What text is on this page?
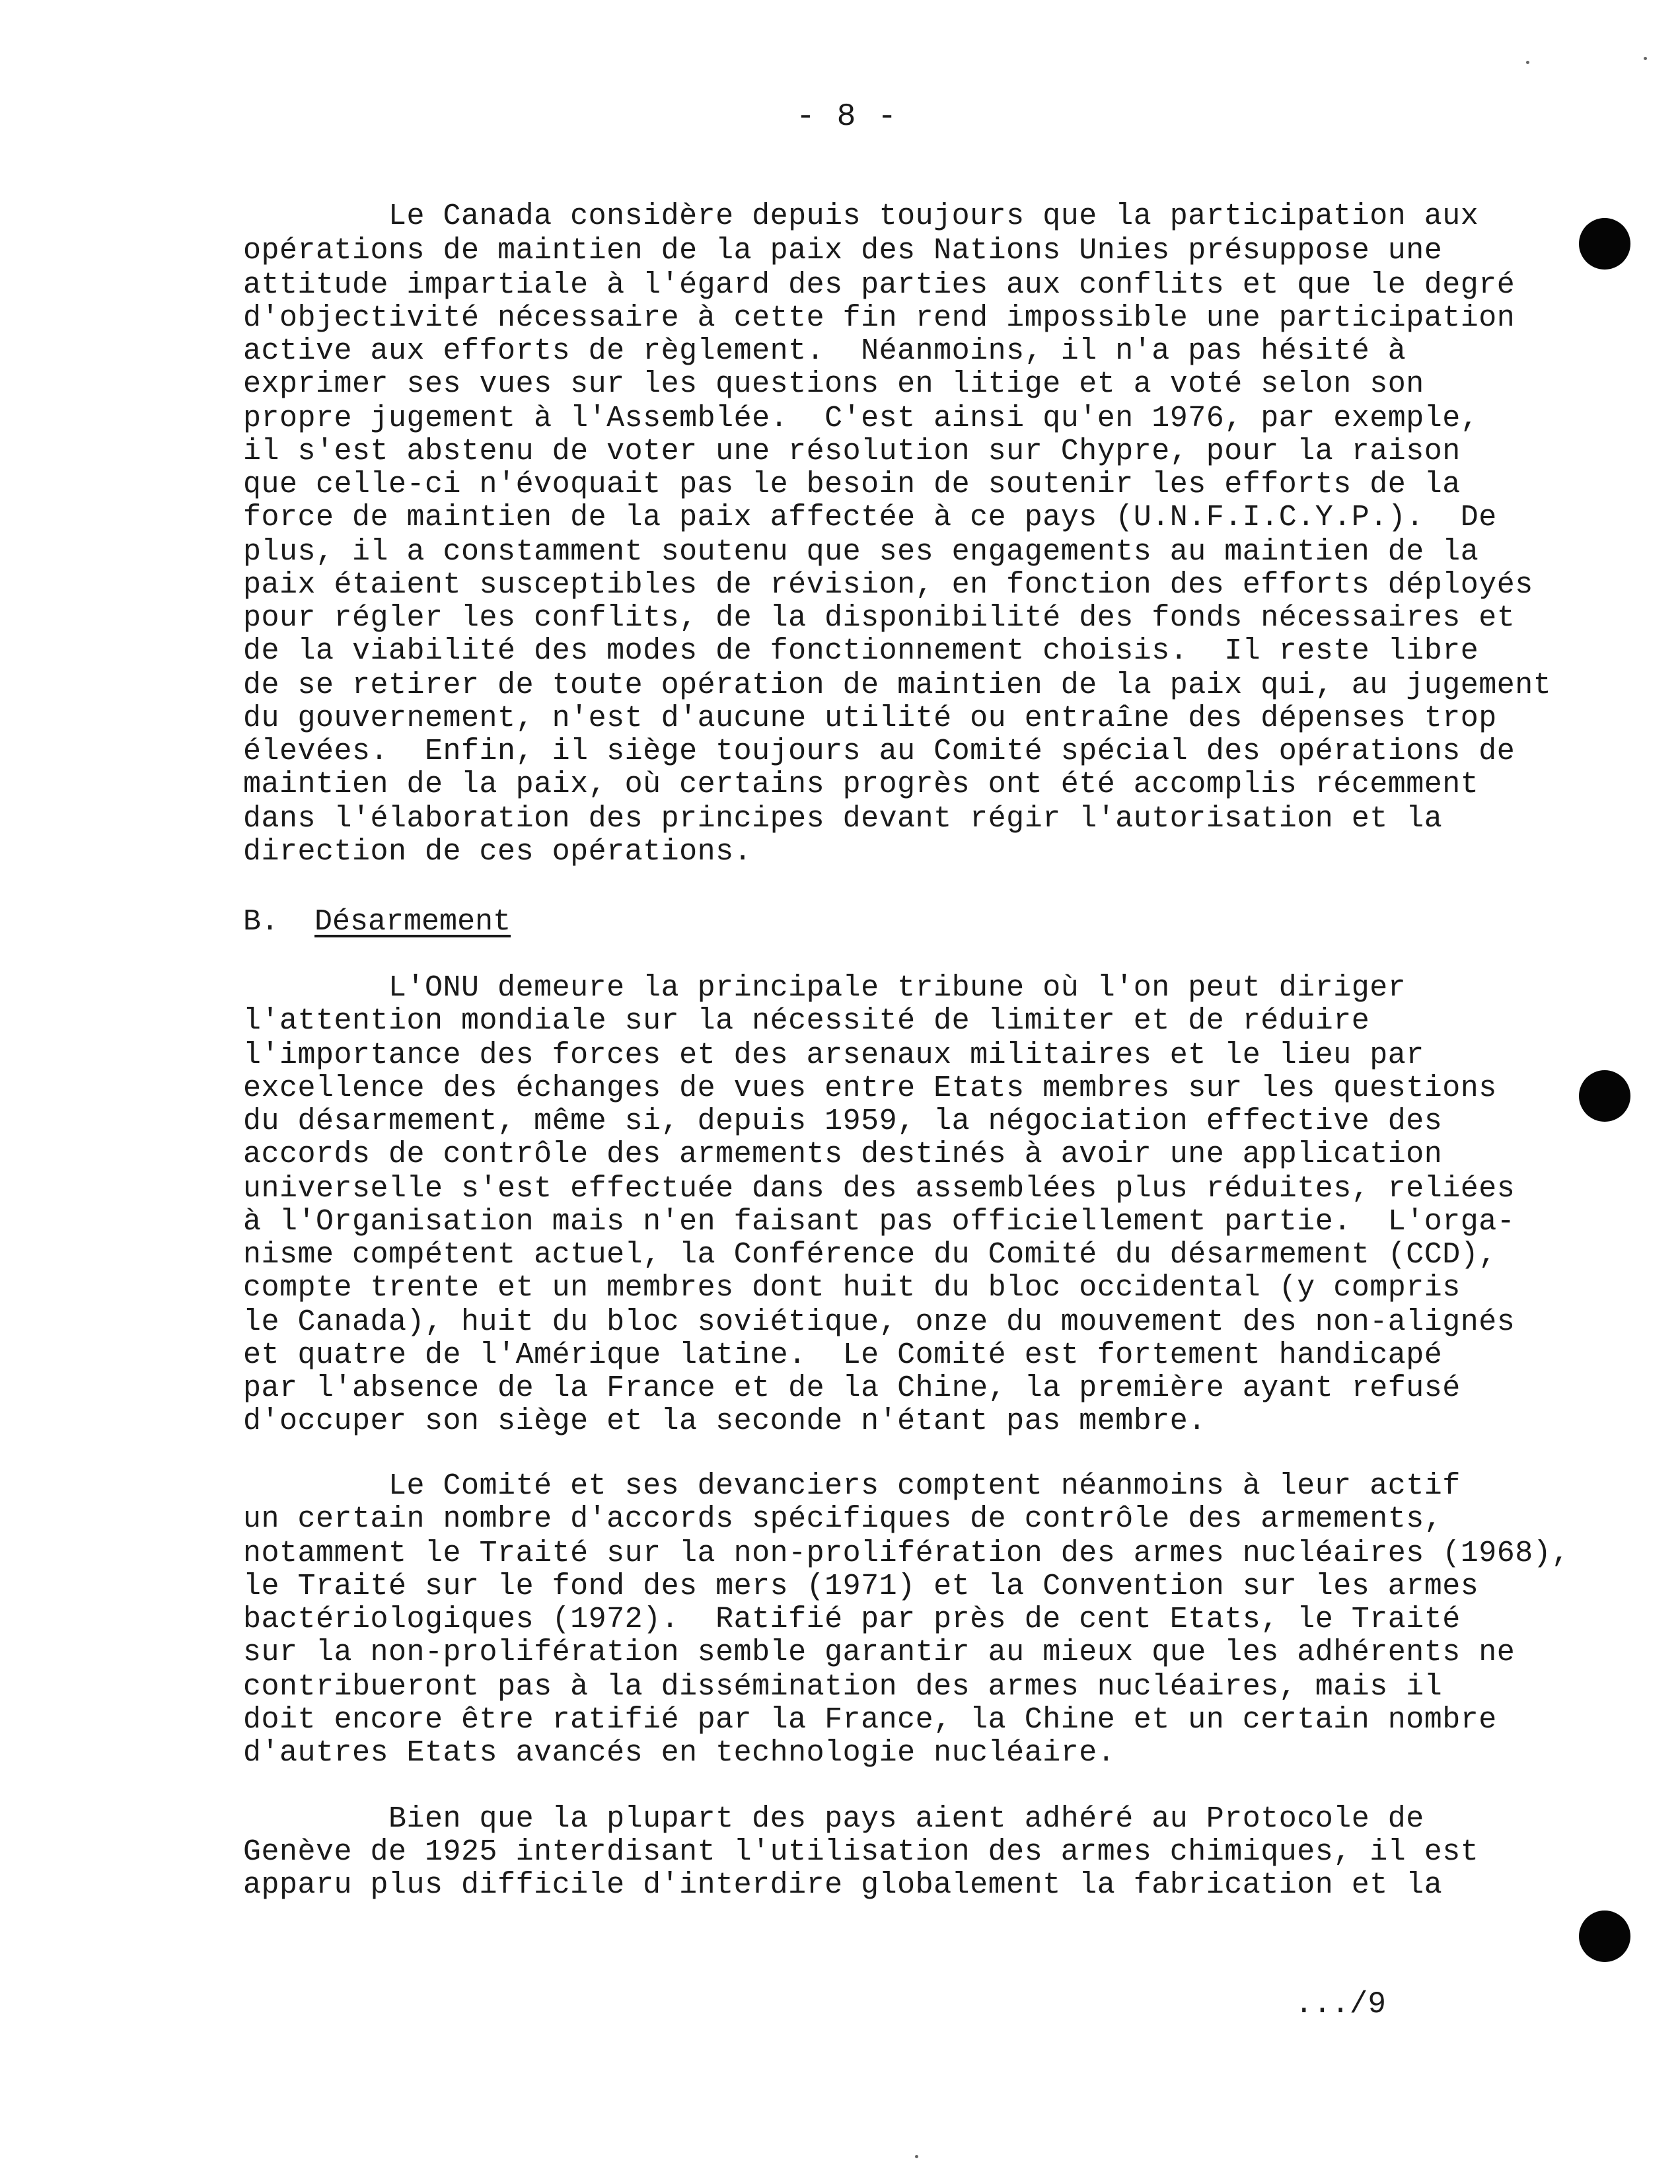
- 8 -
Le Canada considère depuis toujours que la participation aux
opérations de maintien de la paix des Nations Unies présuppose une
attitude impartiale à l'égard des parties aux conflits et que le degré
d'objectivité nécessaire à cette fin rend impossible une participation
active aux efforts de règlement.  Néanmoins, il n'a pas hésité à
exprimer ses vues sur les questions en litige et a voté selon son
propre jugement à l'Assemblée.  C'est ainsi qu'en 1976, par exemple,
il s'est abstenu de voter une résolution sur Chypre, pour la raison
que celle-ci n'évoquait pas le besoin de soutenir les efforts de la
force de maintien de la paix affectée à ce pays (U.N.F.I.C.Y.P.).  De
plus, il a constamment soutenu que ses engagements au maintien de la
paix étaient susceptibles de révision, en fonction des efforts déployés
pour régler les conflits, de la disponibilité des fonds nécessaires et
de la viabilité des modes de fonctionnement choisis.  Il reste libre
de se retirer de toute opération de maintien de la paix qui, au jugement
du gouvernement, n'est d'aucune utilité ou entraîne des dépenses trop
élevées.  Enfin, il siège toujours au Comité spécial des opérations de
maintien de la paix, où certains progrès ont été accomplis récemment
dans l'élaboration des principes devant régir l'autorisation et la
direction de ces opérations.
B. Désarmement
L'ONU demeure la principale tribune où l'on peut diriger
l'attention mondiale sur la nécessité de limiter et de réduire
l'importance des forces et des arsenaux militaires et le lieu par
excellence des échanges de vues entre Etats membres sur les questions
du désarmement, même si, depuis 1959, la négociation effective des
accords de contrôle des armements destinés à avoir une application
universelle s'est effectuée dans des assemblées plus réduites, reliées
à l'Organisation mais n'en faisant pas officiellement partie.  L'orga-
nisme compétent actuel, la Conférence du Comité du désarmement (CCD),
compte trente et un membres dont huit du bloc occidental (y compris
le Canada), huit du bloc soviétique, onze du mouvement des non-alignés
et quatre de l'Amérique latine.  Le Comité est fortement handicapé
par l'absence de la France et de la Chine, la première ayant refusé
d'occuper son siège et la seconde n'étant pas membre.
Le Comité et ses devanciers comptent néanmoins à leur actif
un certain nombre d'accords spécifiques de contrôle des armements,
notamment le Traité sur la non-prolifération des armes nucléaires (1968),
le Traité sur le fond des mers (1971) et la Convention sur les armes
bactériologiques (1972).  Ratifié par près de cent Etats, le Traité
sur la non-prolifération semble garantir au mieux que les adhérents ne
contribueront pas à la dissémination des armes nucléaires, mais il
doit encore être ratifié par la France, la Chine et un certain nombre
d'autres Etats avancés en technologie nucléaire.
Bien que la plupart des pays aient adhéré au Protocole de
Genève de 1925 interdisant l'utilisation des armes chimiques, il est
apparu plus difficile d'interdire globalement la fabrication et la
.../9
